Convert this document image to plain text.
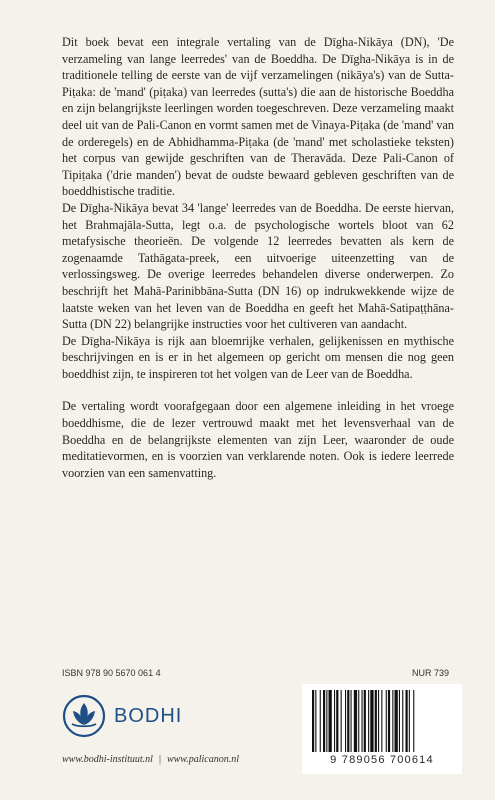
Dit boek bevat een integrale vertaling van de Dīgha-Nikāya (DN), 'De verzameling van lange leerredes' van de Boeddha. De Dīgha-Nikāya is in de traditionele telling de eerste van de vijf verzamelingen (nikāya's) van de Sutta-Piṭaka: de 'mand' (piṭaka) van leerredes (sutta's) die aan de historische Boeddha en zijn belangrijkste leerlingen worden toegeschreven. Deze verzameling maakt deel uit van de Pali-Canon en vormt samen met de Vinaya-Piṭaka (de 'mand' van de orderegels) en de Abhidhamma-Piṭaka (de 'mand' met scholastieke teksten) het corpus van gewijde geschriften van de Theravāda. Deze Pali-Canon of Tipiṭaka ('drie manden') bevat de oudste bewaard gebleven geschriften van de boeddhistische traditie.

De Dīgha-Nikāya bevat 34 'lange' leerredes van de Boeddha. De eerste hiervan, het Brahmajāla-Sutta, legt o.a. de psychologische wortels bloot van 62 metafysische theorieën. De volgende 12 leerredes bevatten als kern de zogenaamde Tathāgata-preek, een uitvoerige uiteenzetting van de verlossingsweg. De overige leerredes behandelen diverse onderwerpen. Zo beschrijft het Mahā-Parinibbāna-Sutta (DN 16) op indrukwekkende wijze de laatste weken van het leven van de Boeddha en geeft het Mahā-Satipaṭṭhāna-Sutta (DN 22) belangrijke instructies voor het cultiveren van aandacht.

De Dīgha-Nikāya is rijk aan bloemrijke verhalen, gelijkenissen en mythische beschrijvingen en is er in het algemeen op gericht om mensen die nog geen boeddhist zijn, te inspireren tot het volgen van de Leer van de Boeddha.

De vertaling wordt voorafgegaan door een algemene inleiding in het vroege boeddhisme, die de lezer vertrouwd maakt met het levensverhaal van de Boeddha en de belangrijkste elementen van zijn Leer, waaronder de oude meditatievormen, en is voorzien van verklarende noten. Ook is iedere leerrede voorzien van een samenvatting.

ISBN 978 90 5670 061 4	NUR 739
BODHI
www.bodhi-instituut.nl | www.palicanon.nl	9 789056 700614
